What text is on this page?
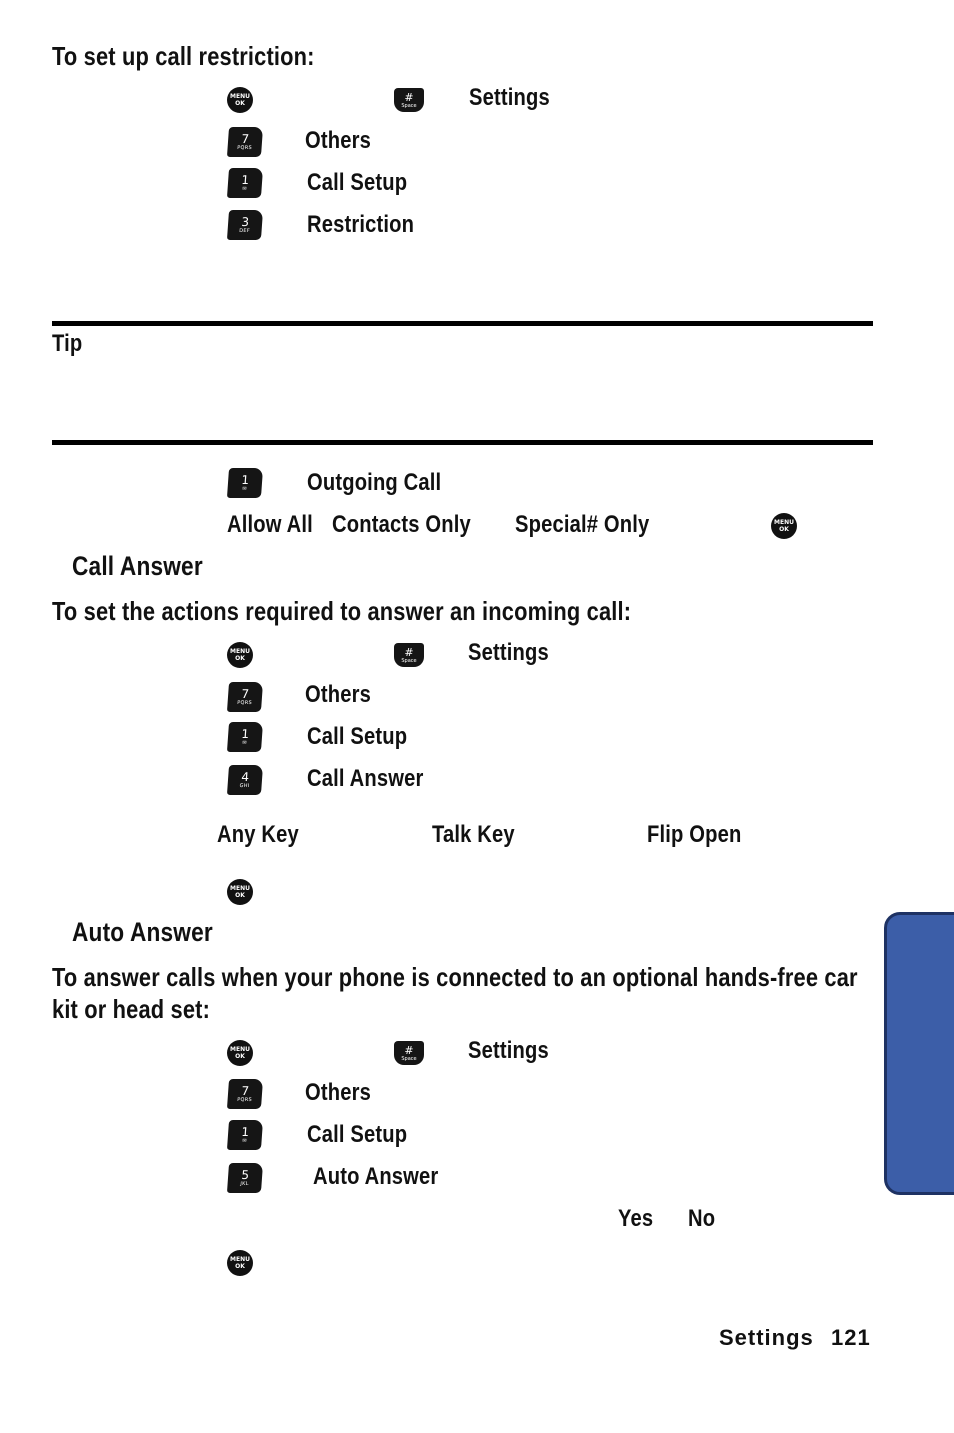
To set up call restriction:
MENU
OK	#
Space Settings
7
PQRS Others
1
✉ Call Setup
3
DEF Restriction
Tip
1
✉ Outgoing Call
Allow All Contacts Only Special# Only	MENU
OK
Call Answer
To set the actions required to answer an incoming call:
MENU
OK	#
Space Settings
7
PQRS Others
1
✉ Call Setup
4
GHI Call Answer
Any Key	Talk Key	Flip Open
MENU
OK
Auto Answer
To answer calls when your phone is connected to an optional hands-free car
kit or head set:
MENU
OK	#
Space Settings
7
PQRS Others
1
✉ Call Setup
5
JKL	Auto Answer
Yes No
MENU
OK
Settings 121
